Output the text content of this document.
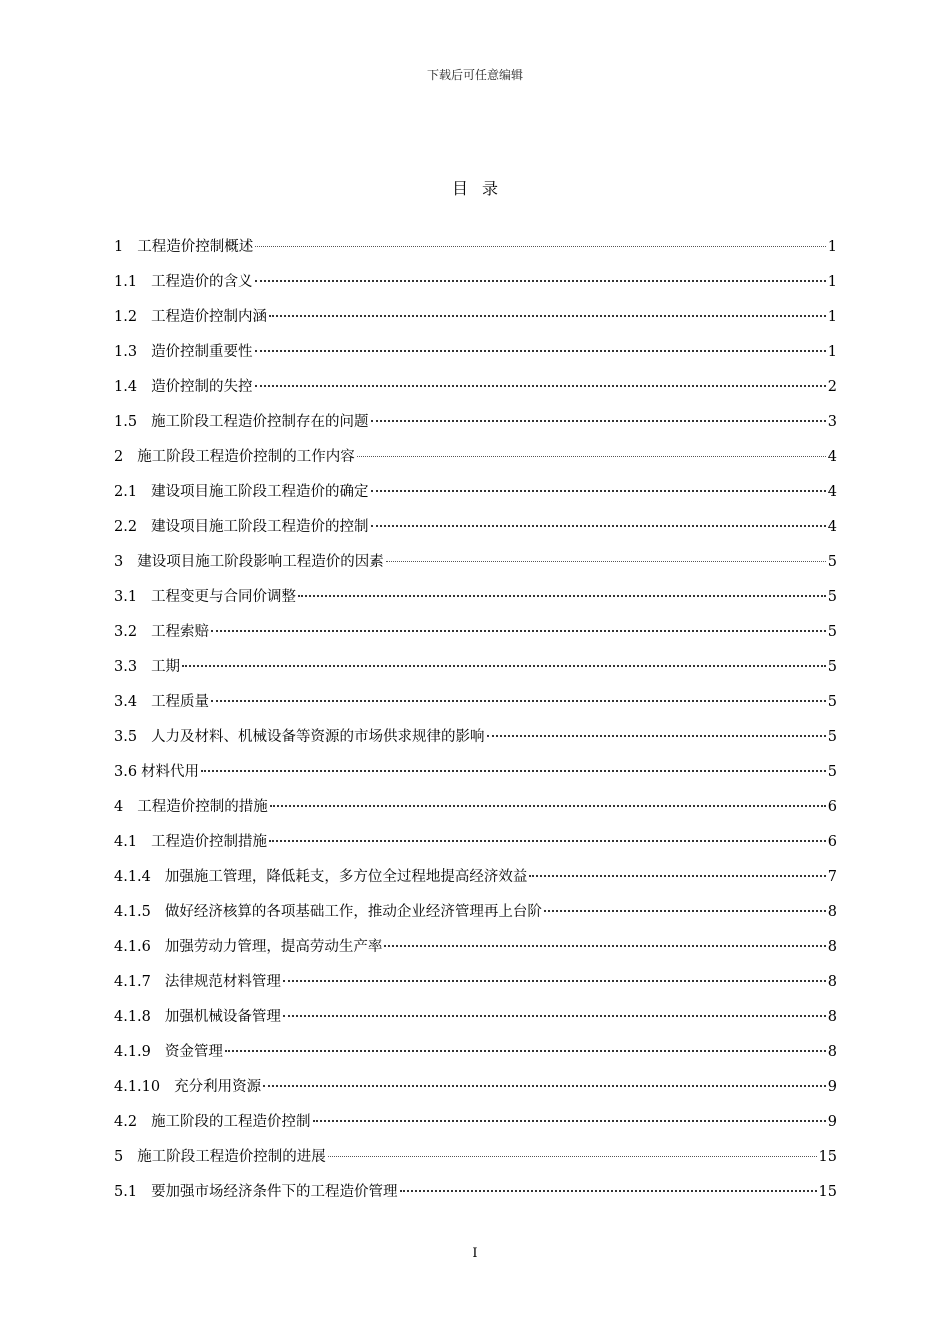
下载后可任意编辑
目录
1 工程造价控制概述	1
1.1 工程造价的含义	1
1.2 工程造价控制内涵	1
1.3 造价控制重要性	1
1.4 造价控制的失控	2
1.5 施工阶段工程造价控制存在的问题	3
2 施工阶段工程造价控制的工作内容	4
2.1 建设项目施工阶段工程造价的确定	4
2.2 建设项目施工阶段工程造价的控制	4
3 建设项目施工阶段影响工程造价的因素	5
3.1 工程变更与合同价调整	5
3.2 工程索赔	5
3.3 工期	5
3.4 工程质量	5
3.5 人力及材料、机械设备等资源的市场供求规律的影响	5
3.6 材料代用	5
4 工程造价控制的措施	6
4.1 工程造价控制措施	6
4.1.4 加强施工管理，降低耗支，多方位全过程地提高经济效益	7
4.1.5 做好经济核算的各项基础工作，推动企业经济管理再上台阶	8
4.1.6 加强劳动力管理，提高劳动生产率	8
4.1.7 法律规范材料管理	8
4.1.8 加强机械设备管理	8
4.1.9 资金管理	8
4.1.10 充分利用资源	9
4.2 施工阶段的工程造价控制	9
5 施工阶段工程造价控制的进展	15
5.1 要加强市场经济条件下的工程造价管理	15
I
